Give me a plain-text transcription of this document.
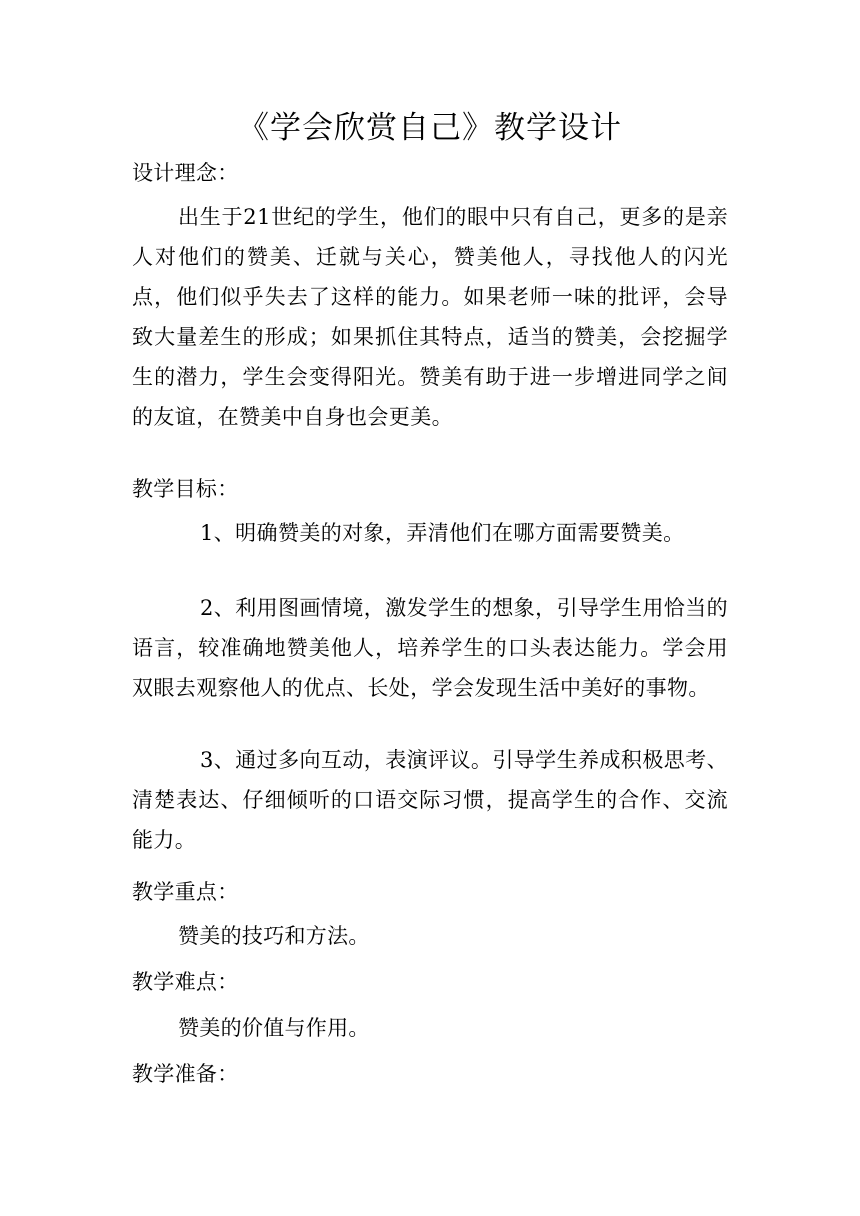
《学会欣赏自己》教学设计
设计理念：
出生于21世纪的学生，他们的眼中只有自己，更多的是亲人对他们的赞美、迁就与关心，赞美他人，寻找他人的闪光点，他们似乎失去了这样的能力。如果老师一味的批评，会导致大量差生的形成；如果抓住其特点，适当的赞美，会挖掘学生的潜力，学生会变得阳光。赞美有助于进一步增进同学之间的友谊，在赞美中自身也会更美。
教学目标：
1、明确赞美的对象，弄清他们在哪方面需要赞美。
2、利用图画情境，激发学生的想象，引导学生用恰当的语言，较准确地赞美他人，培养学生的口头表达能力。学会用双眼去观察他人的优点、长处，学会发现生活中美好的事物。
3、通过多向互动，表演评议。引导学生养成积极思考、清楚表达、仔细倾听的口语交际习惯，提高学生的合作、交流能力。
教学重点：
赞美的技巧和方法。
教学难点：
赞美的价值与作用。
教学准备：
